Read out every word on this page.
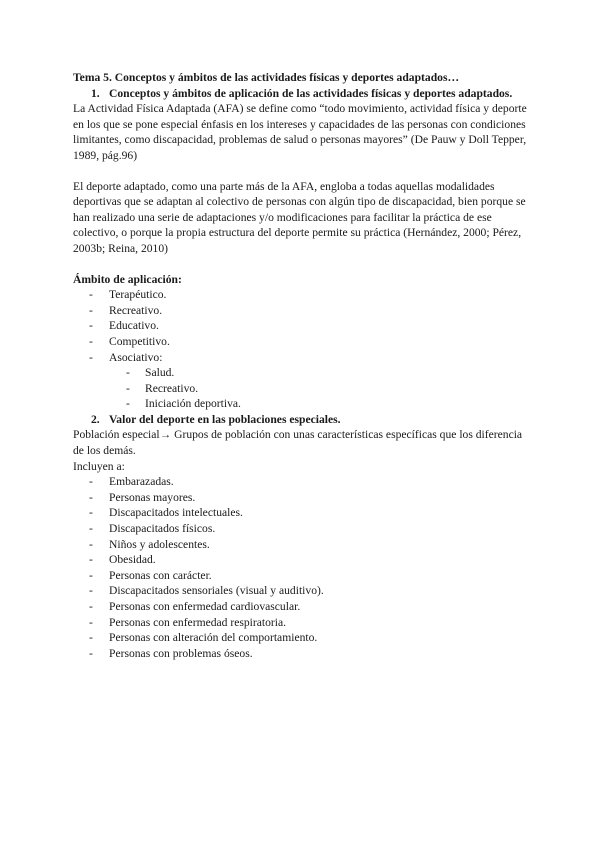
Tema 5. Conceptos y ámbitos de las actividades físicas y deportes adaptados…

1. Conceptos y ámbitos de aplicación de las actividades físicas y deportes adaptados.

La Actividad Física Adaptada (AFA) se define como “todo movimiento, actividad física y deporte en los que se pone especial énfasis en los intereses y capacidades de las personas con condiciones limitantes, como discapacidad, problemas de salud o personas mayores” (De Pauw y Doll Tepper, 1989, pág.96)

El deporte adaptado, como una parte más de la AFA, engloba a todas aquellas modalidades deportivas que se adaptan al colectivo de personas con algún tipo de discapacidad, bien porque se han realizado una serie de adaptaciones y/o modificaciones para facilitar la práctica de ese colectivo, o porque la propia estructura del deporte permite su práctica (Hernández, 2000; Pérez, 2003b; Reina, 2010)

Ámbito de aplicación:

-	Terapéutico.
-	Recreativo.
-	Educativo.
-	Competitivo.
-	Asociativo:
-	Salud.
-	Recreativo.
-	Iniciación deportiva.
2. Valor del deporte en las poblaciones especiales.

Población especial→ Grupos de población con unas características específicas que los diferencia de los demás.

Incluyen a:

-	Embarazadas.
-	Personas mayores.
-	Discapacitados intelectuales.
-	Discapacitados físicos.
-	Niños y adolescentes.
-	Obesidad.
-	Personas con carácter.
-	Discapacitados sensoriales (visual y auditivo).
-	Personas con enfermedad cardiovascular.
-	Personas con enfermedad respiratoria.
-	Personas con alteración del comportamiento.
-	Personas con problemas óseos.
